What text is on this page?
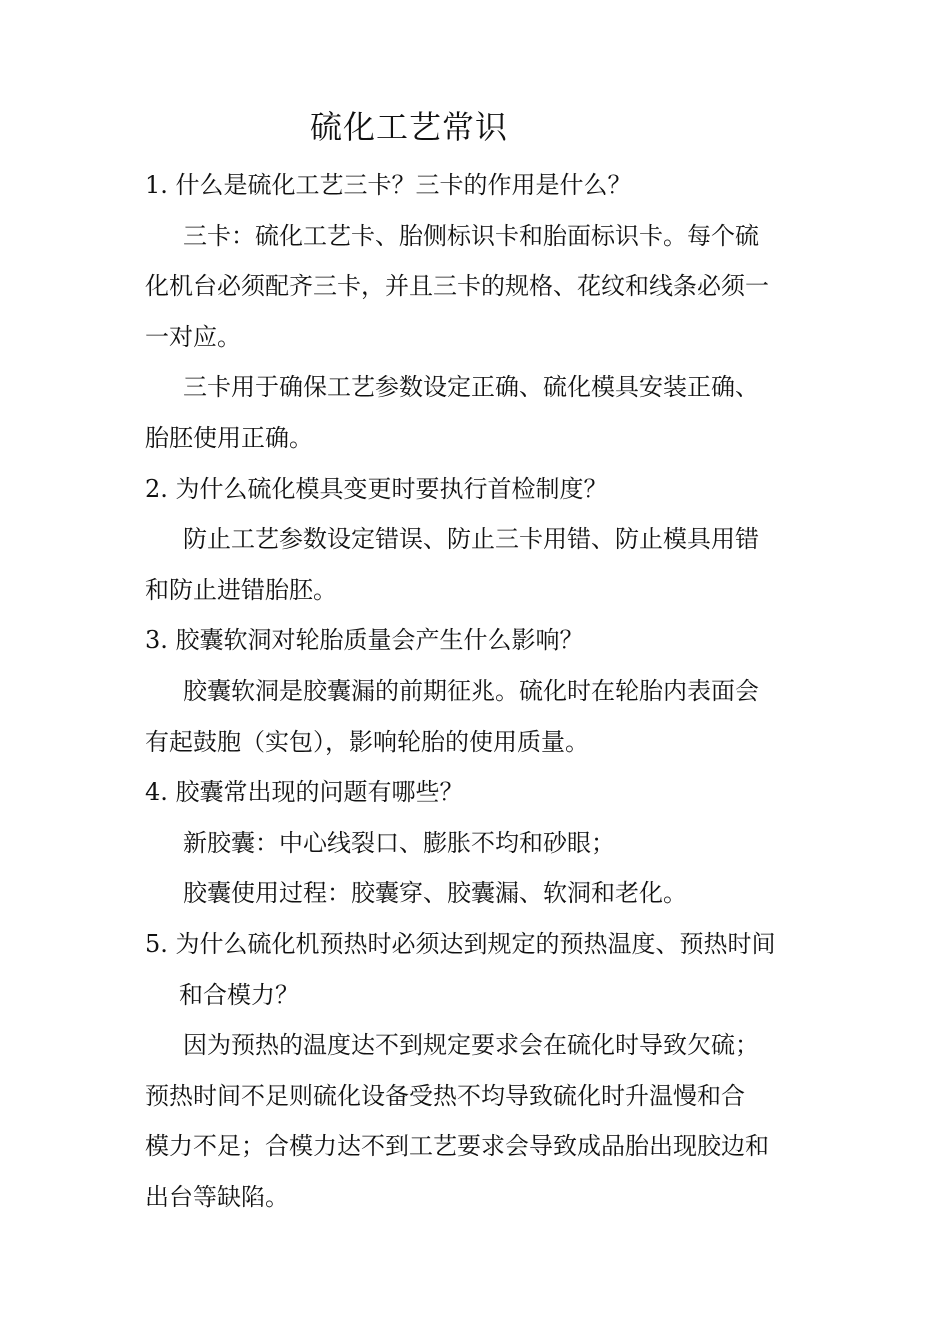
硫化工艺常识
1. 什么是硫化工艺三卡？三卡的作用是什么？
三卡：硫化工艺卡、胎侧标识卡和胎面标识卡。每个硫
化机台必须配齐三卡，并且三卡的规格、花纹和线条必须一
一对应。
三卡用于确保工艺参数设定正确、硫化模具安装正确、
胎胚使用正确。
2. 为什么硫化模具变更时要执行首检制度？
防止工艺参数设定错误、防止三卡用错、防止模具用错
和防止进错胎胚。
3. 胶囊软洞对轮胎质量会产生什么影响？
胶囊软洞是胶囊漏的前期征兆。硫化时在轮胎内表面会
有起鼓胞（实包），影响轮胎的使用质量。
4. 胶囊常出现的问题有哪些？
新胶囊：中心线裂口、膨胀不均和砂眼；
胶囊使用过程：胶囊穿、胶囊漏、软洞和老化。
5. 为什么硫化机预热时必须达到规定的预热温度、预热时间
和合模力？
因为预热的温度达不到规定要求会在硫化时导致欠硫；
预热时间不足则硫化设备受热不均导致硫化时升温慢和合
模力不足；合模力达不到工艺要求会导致成品胎出现胶边和
出台等缺陷。
